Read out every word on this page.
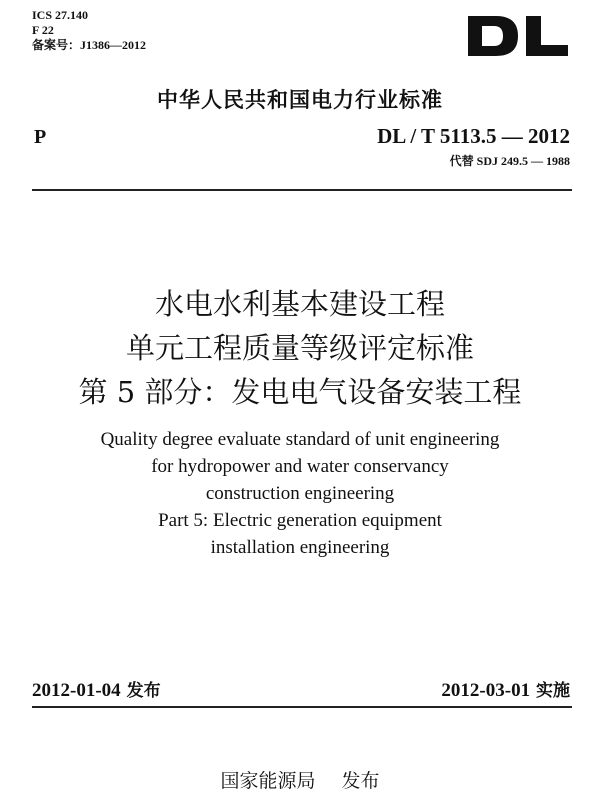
ICS 27.140
F 22
备案号：J1386—2012
中华人民共和国电力行业标准
P	DL / T 5113.5 — 2012
代替 SDJ 249.5 — 1988
水电水利基本建设工程
单元工程质量等级评定标准
第 5 部分：发电电气设备安装工程
Quality degree evaluate standard of unit engineering
for hydropower and water conservancy
construction engineering
Part 5: Electric generation equipment
installation engineering
2012-01-04 发布	2012-03-01 实施
国家能源局 发布
